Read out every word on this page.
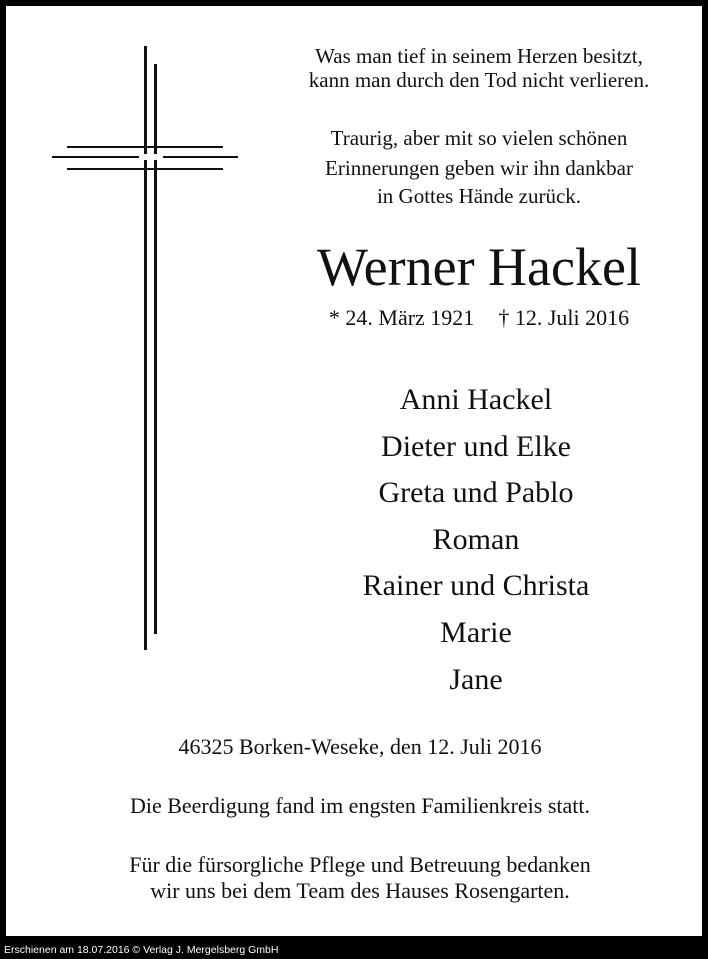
Was man tief in seinem Herzen besitzt,

kann man durch den Tod nicht verlieren.

Traurig, aber mit so vielen schönen

Erinnerungen geben wir ihn dankbar

in Gottes Hände zurück.

Werner Hackel

* 24. März 1921 † 12. Juli 2016

Anni Hackel
Dieter und Elke
Greta und Pablo
Roman
Rainer und Christa
Marie
Jane

46325 Borken-Weseke, den 12. Juli 2016

Die Beerdigung fand im engsten Familienkreis statt.

Für die fürsorgliche Pflege und Betreuung bedanken

wir uns bei dem Team des Hauses Rosengarten.

Erschienen am 18.07.2016 © Verlag J. Mergelsberg GmbH
